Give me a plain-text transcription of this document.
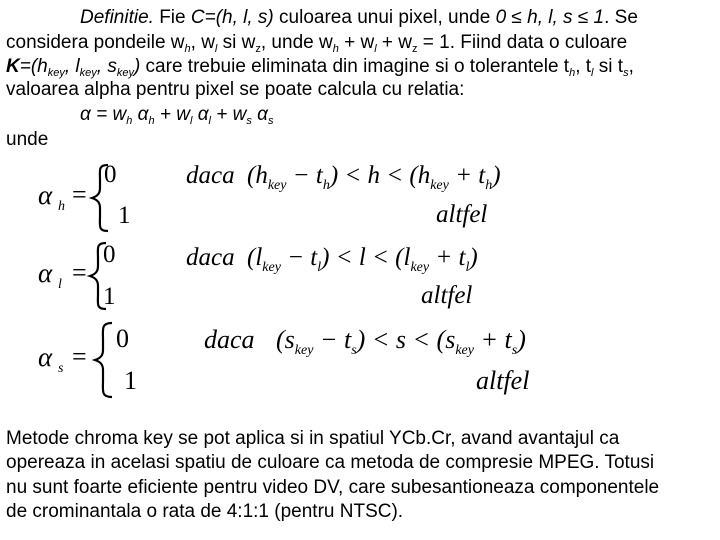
Definitie. Fie C=(h, l, s) culoarea unui pixel, unde 0 ≤ h, l, s ≤ 1. Se
considera pondeile $w_h$, $w_l$ si $w_z$, unde $w_h + w_l + w_z = 1$. Fiind data o culoare
$K=(h_{key}$, $l_{key}$, $s_{key}$) care trebuie eliminata din imagine si o tolerantele $t_h$, $t_l$ si $t_s$,
valoarea alpha pentru pixel se poate calcula cu relatia:
$\alpha = w_h$ $\alpha_h + w_l$ $\alpha_l + w_s$ $\alpha_s$
unde
α h =
0
1
daca $(h_{key} - t_h) < h < (h_{key} + t_h)$
altfel
α l =
0
1
daca $(l_{key} - t_l) < l < (l_{key} + t_l)$
altfel
α s =
0
1
daca $(s_{key} - t_s) < s < (s_{key} + t_s)$
altfel
Metode chroma key se pot aplica si in spatiul YCb.Cr, avand avantajul ca
opereaza in acelasi spatiu de culoare ca metoda de compresie MPEG. Totusi
nu sunt foarte eficiente pentru video DV, care subesantioneaza componentele
de crominantala o rata de 4:1:1 (pentru NTSC).
